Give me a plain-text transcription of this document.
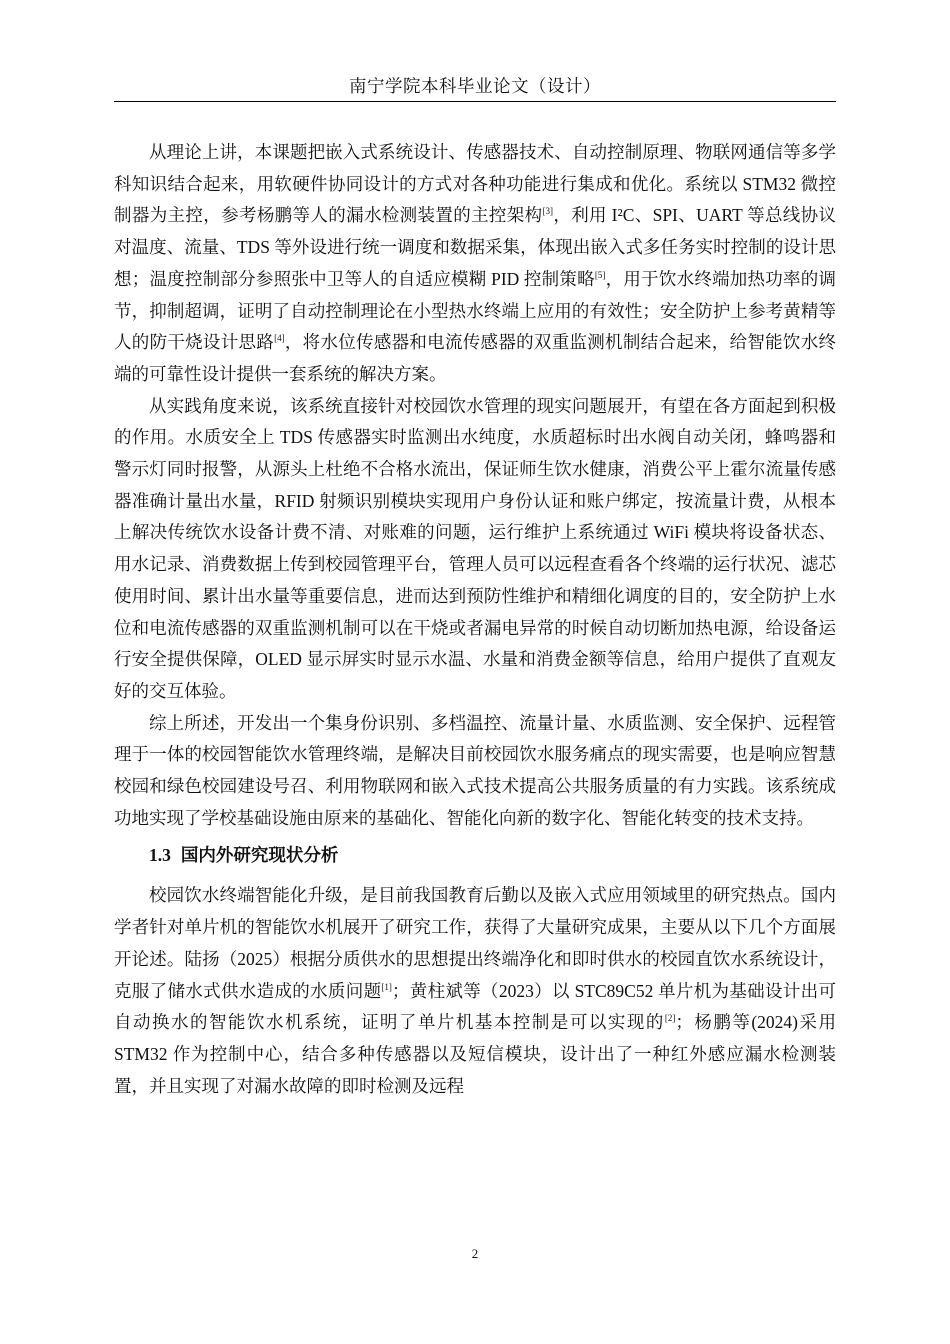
南宁学院本科毕业论文（设计）

从理论上讲，本课题把嵌入式系统设计、传感器技术、自动控制原理、物联网通信等多学科知识结合起来，用软硬件协同设计的方式对各种功能进行集成和优化。系统以 STM32 微控制器为主控，参考杨鹏等人的漏水检测装置的主控架构[3]，利用 I²C、SPI、UART 等总线协议对温度、流量、TDS 等外设进行统一调度和数据采集，体现出嵌入式多任务实时控制的设计思想；温度控制部分参照张中卫等人的自适应模糊 PID 控制策略[5]，用于饮水终端加热功率的调节，抑制超调，证明了自动控制理论在小型热水终端上应用的有效性；安全防护上参考黄精等人的防干烧设计思路[4]，将水位传感器和电流传感器的双重监测机制结合起来，给智能饮水终端的可靠性设计提供一套系统的解决方案。

从实践角度来说，该系统直接针对校园饮水管理的现实问题展开，有望在各方面起到积极的作用。水质安全上 TDS 传感器实时监测出水纯度，水质超标时出水阀自动关闭，蜂鸣器和警示灯同时报警，从源头上杜绝不合格水流出，保证师生饮水健康，消费公平上霍尔流量传感器准确计量出水量，RFID 射频识别模块实现用户身份认证和账户绑定，按流量计费，从根本上解决传统饮水设备计费不清、对账难的问题，运行维护上系统通过 WiFi 模块将设备状态、用水记录、消费数据上传到校园管理平台，管理人员可以远程查看各个终端的运行状况、滤芯使用时间、累计出水量等重要信息，进而达到预防性维护和精细化调度的目的，安全防护上水位和电流传感器的双重监测机制可以在干烧或者漏电异常的时候自动切断加热电源，给设备运行安全提供保障，OLED 显示屏实时显示水温、水量和消费金额等信息，给用户提供了直观友好的交互体验。

综上所述，开发出一个集身份识别、多档温控、流量计量、水质监测、安全保护、远程管理于一体的校园智能饮水管理终端，是解决目前校园饮水服务痛点的现实需要，也是响应智慧校园和绿色校园建设号召、利用物联网和嵌入式技术提高公共服务质量的有力实践。该系统成功地实现了学校基础设施由原来的基础化、智能化向新的数字化、智能化转变的技术支持。

1.3 国内外研究现状分析

校园饮水终端智能化升级，是目前我国教育后勤以及嵌入式应用领域里的研究热点。国内学者针对单片机的智能饮水机展开了研究工作，获得了大量研究成果，主要从以下几个方面展开论述。陆扬（2025）根据分质供水的思想提出终端净化和即时供水的校园直饮水系统设计，克服了储水式供水造成的水质问题[1]；黄柱斌等（2023）以 STC89C52 单片机为基础设计出可自动换水的智能饮水机系统，证明了单片机基本控制是可以实现的[2]；杨鹏等(2024)采用 STM32 作为控制中心，结合多种传感器以及短信模块，设计出了一种红外感应漏水检测装置，并且实现了对漏水故障的即时检测及远程

2
